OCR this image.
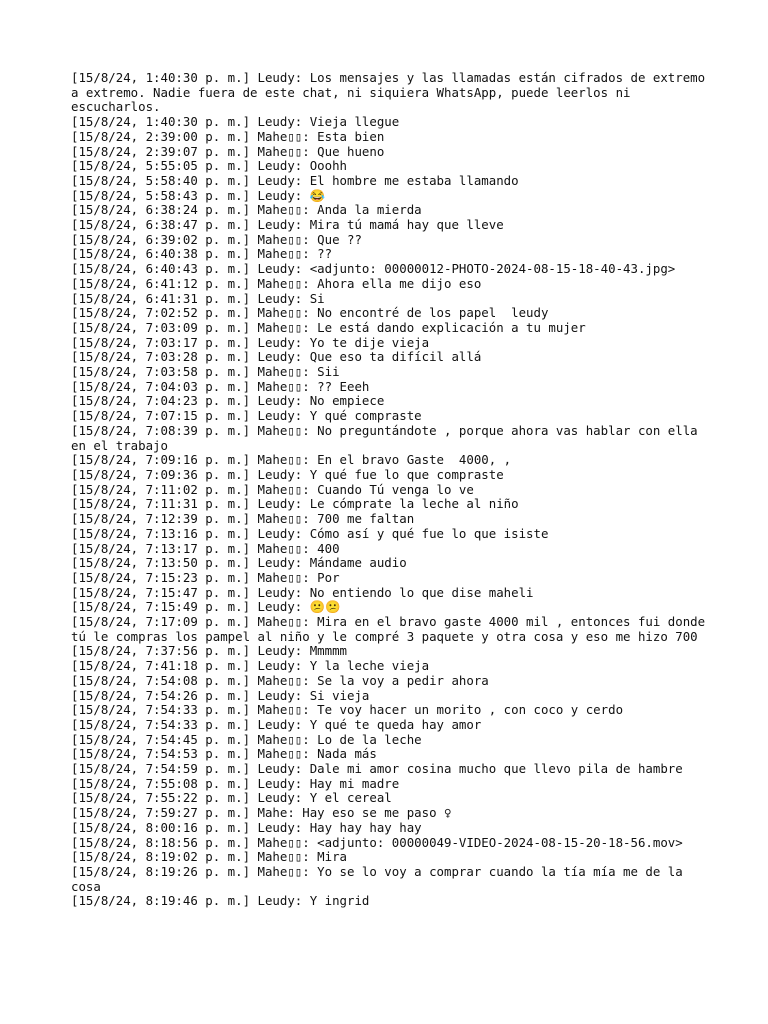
[15/8/24, 1:40:30 p. m.] Leudy: Los mensajes y las llamadas están cifrados de extremo a extremo. Nadie fuera de este chat, ni siquiera WhatsApp, puede leerlos ni escucharlos.
[15/8/24, 1:40:30 p. m.] Leudy: Vieja llegue
[15/8/24, 2:39:00 p. m.] Mahe▯▯: Esta bien
[15/8/24, 2:39:07 p. m.] Mahe▯▯: Que hueno
[15/8/24, 5:55:05 p. m.] Leudy: Ooohh
[15/8/24, 5:58:40 p. m.] Leudy: El hombre me estaba llamando
[15/8/24, 5:58:43 p. m.] Leudy: 😂
[15/8/24, 6:38:24 p. m.] Mahe▯▯: Anda la mierda
[15/8/24, 6:38:47 p. m.] Leudy: Mira tú mamá hay que lleve
[15/8/24, 6:39:02 p. m.] Mahe▯▯: Que ??
[15/8/24, 6:40:38 p. m.] Mahe▯▯: ??
[15/8/24, 6:40:43 p. m.] Leudy: <adjunto: 00000012-PHOTO-2024-08-15-18-40-43.jpg>
[15/8/24, 6:41:12 p. m.] Mahe▯▯: Ahora ella me dijo eso
[15/8/24, 6:41:31 p. m.] Leudy: Si
[15/8/24, 7:02:52 p. m.] Mahe▯▯: No encontré de los papel  leudy
[15/8/24, 7:03:09 p. m.] Mahe▯▯: Le está dando explicación a tu mujer
[15/8/24, 7:03:17 p. m.] Leudy: Yo te dije vieja
[15/8/24, 7:03:28 p. m.] Leudy: Que eso ta difícil allá
[15/8/24, 7:03:58 p. m.] Mahe▯▯: Sii
[15/8/24, 7:04:03 p. m.] Mahe▯▯: ?? Eeeh
[15/8/24, 7:04:23 p. m.] Leudy: No empiece
[15/8/24, 7:07:15 p. m.] Leudy: Y qué compraste
[15/8/24, 7:08:39 p. m.] Mahe▯▯: No preguntándote , porque ahora vas hablar con ella en el trabajo
[15/8/24, 7:09:16 p. m.] Mahe▯▯: En el bravo Gaste  4000, ,
[15/8/24, 7:09:36 p. m.] Leudy: Y qué fue lo que compraste
[15/8/24, 7:11:02 p. m.] Mahe▯▯: Cuando Tú venga lo ve
[15/8/24, 7:11:31 p. m.] Leudy: Le cómprate la leche al niño
[15/8/24, 7:12:39 p. m.] Mahe▯▯: 700 me faltan
[15/8/24, 7:13:16 p. m.] Leudy: Cómo así y qué fue lo que isiste
[15/8/24, 7:13:17 p. m.] Mahe▯▯: 400
[15/8/24, 7:13:50 p. m.] Leudy: Mándame audio
[15/8/24, 7:15:23 p. m.] Mahe▯▯: Por
[15/8/24, 7:15:47 p. m.] Leudy: No entiendo lo que dise maheli
[15/8/24, 7:15:49 p. m.] Leudy: 😕😕
[15/8/24, 7:17:09 p. m.] Mahe▯▯: Mira en el bravo gaste 4000 mil , entonces fui donde tú le compras los pampel al niño y le compré 3 paquete y otra cosa y eso me hizo 700
[15/8/24, 7:37:56 p. m.] Leudy: Mmmmm
[15/8/24, 7:41:18 p. m.] Leudy: Y la leche vieja
[15/8/24, 7:54:08 p. m.] Mahe▯▯: Se la voy a pedir ahora
[15/8/24, 7:54:26 p. m.] Leudy: Si vieja
[15/8/24, 7:54:33 p. m.] Mahe▯▯: Te voy hacer un morito , con coco y cerdo
[15/8/24, 7:54:33 p. m.] Leudy: Y qué te queda hay amor
[15/8/24, 7:54:45 p. m.] Mahe▯▯: Lo de la leche
[15/8/24, 7:54:53 p. m.] Mahe▯▯: Nada más
[15/8/24, 7:54:59 p. m.] Leudy: Dale mi amor cosina mucho que llevo pila de hambre
[15/8/24, 7:55:08 p. m.] Leudy: Hay mi madre
[15/8/24, 7:55:22 p. m.] Leudy: Y el cereal
[15/8/24, 7:59:27 p. m.] Mahe: Hay eso se me paso ♀
[15/8/24, 8:00:16 p. m.] Leudy: Hay hay hay hay
[15/8/24, 8:18:56 p. m.] Mahe▯▯: <adjunto: 00000049-VIDEO-2024-08-15-20-18-56.mov>
[15/8/24, 8:19:02 p. m.] Mahe▯▯: Mira
[15/8/24, 8:19:26 p. m.] Mahe▯▯: Yo se lo voy a comprar cuando la tía mía me de la cosa
[15/8/24, 8:19:46 p. m.] Leudy: Y ingrid
